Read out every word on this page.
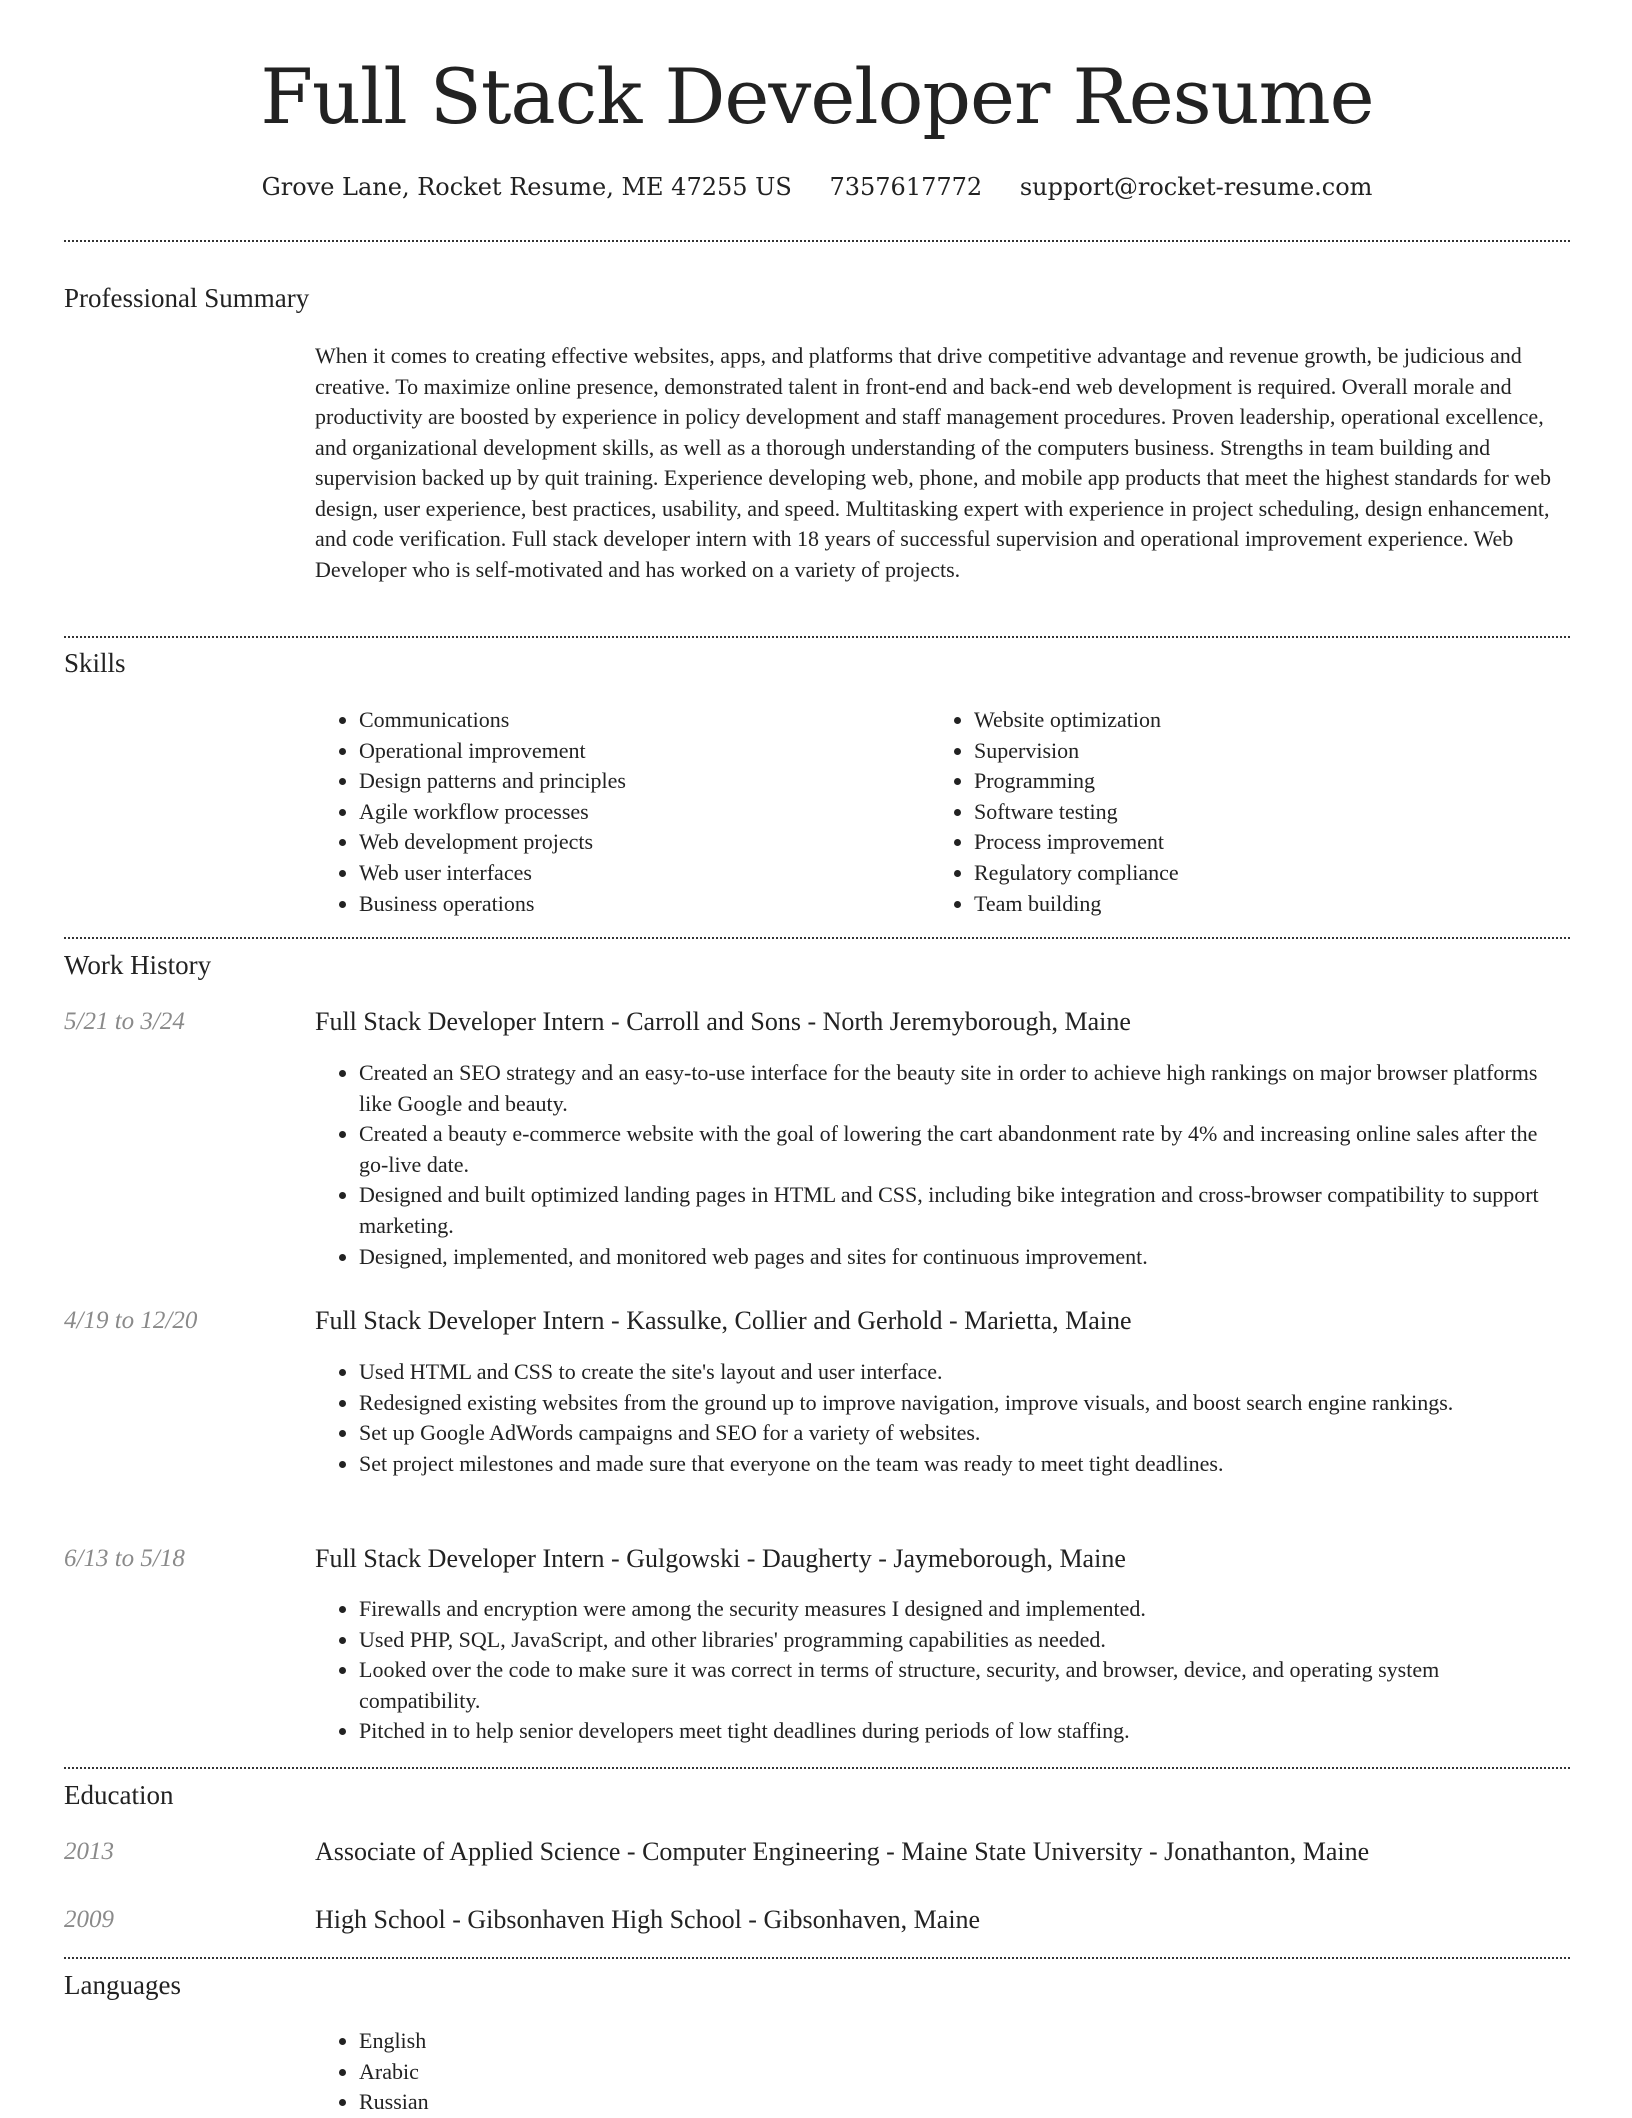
Full Stack Developer Resume
Grove Lane, Rocket Resume, ME 47255 US 7357617772 support@rocket-resume.com
Professional Summary
When it comes to creating effective websites, apps, and platforms that drive competitive advantage and revenue growth, be judicious and creative. To maximize online presence, demonstrated talent in front-end and back-end web development is required. Overall morale and productivity are boosted by experience in policy development and staff management procedures. Proven leadership, operational excellence, and organizational development skills, as well as a thorough understanding of the computers business. Strengths in team building and supervision backed up by quit training. Experience developing web, phone, and mobile app products that meet the highest standards for web design, user experience, best practices, usability, and speed. Multitasking expert with experience in project scheduling, design enhancement, and code verification. Full stack developer intern with 18 years of successful supervision and operational improvement experience. Web Developer who is self-motivated and has worked on a variety of projects.
Skills
• Communications
• Operational improvement
• Design patterns and principles
• Agile workflow processes
• Web development projects
• Web user interfaces
• Business operations
• Website optimization
• Supervision
• Programming
• Software testing
• Process improvement
• Regulatory compliance
• Team building
Work History
5/21 to 3/24	Full Stack Developer Intern - Carroll and Sons - North Jeremyborough, Maine
• Created an SEO strategy and an easy-to-use interface for the beauty site in order to achieve high rankings on major browser platforms like Google and beauty.
• Created a beauty e-commerce website with the goal of lowering the cart abandonment rate by 4% and increasing online sales after the go-live date.
• Designed and built optimized landing pages in HTML and CSS, including bike integration and cross-browser compatibility to support marketing.
• Designed, implemented, and monitored web pages and sites for continuous improvement.
4/19 to 12/20	Full Stack Developer Intern - Kassulke, Collier and Gerhold - Marietta, Maine
• Used HTML and CSS to create the site's layout and user interface.
• Redesigned existing websites from the ground up to improve navigation, improve visuals, and boost search engine rankings.
• Set up Google AdWords campaigns and SEO for a variety of websites.
• Set project milestones and made sure that everyone on the team was ready to meet tight deadlines.
6/13 to 5/18	Full Stack Developer Intern - Gulgowski - Daugherty - Jaymeborough, Maine
• Firewalls and encryption were among the security measures I designed and implemented.
• Used PHP, SQL, JavaScript, and other libraries' programming capabilities as needed.
• Looked over the code to make sure it was correct in terms of structure, security, and browser, device, and operating system compatibility.
• Pitched in to help senior developers meet tight deadlines during periods of low staffing.
Education
2013	Associate of Applied Science - Computer Engineering - Maine State University - Jonathanton, Maine
2009	High School - Gibsonhaven High School - Gibsonhaven, Maine
Languages
• English
• Arabic
• Russian
